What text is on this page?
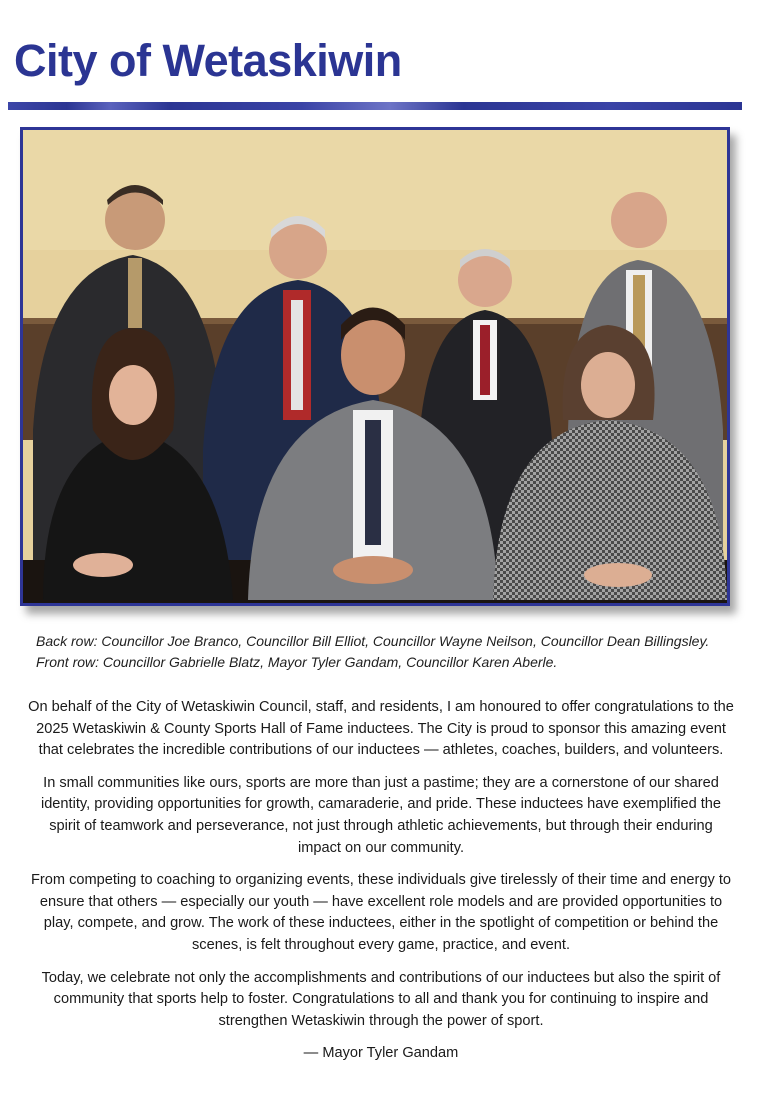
City of Wetaskiwin
Back row: Councillor Joe Branco, Councillor Bill Elliot, Councillor Wayne Neilson, Councillor Dean Billingsley. Front row: Councillor Gabrielle Blatz, Mayor Tyler Gandam, Councillor Karen Aberle.

On behalf of the City of Wetaskiwin Council, staff, and residents, I am honoured to offer congratulations to the 2025 Wetaskiwin & County Sports Hall of Fame inductees. The City is proud to sponsor this amazing event that celebrates the incredible contributions of our inductees — athletes, coaches, builders, and volunteers.

In small communities like ours, sports are more than just a pastime; they are a cornerstone of our shared identity, providing opportunities for growth, camaraderie, and pride. These inductees have exemplified the spirit of teamwork and perseverance, not just through athletic achievements, but through their enduring impact on our community.

From competing to coaching to organizing events, these individuals give tirelessly of their time and energy to ensure that others — especially our youth — have excellent role models and are provided opportunities to play, compete, and grow. The work of these inductees, either in the spotlight of competition or behind the scenes, is felt throughout every game, practice, and event.

Today, we celebrate not only the accomplishments and contributions of our inductees but also the spirit of community that sports help to foster. Congratulations to all and thank you for continuing to inspire and strengthen Wetaskiwin through the power of sport.

— Mayor Tyler Gandam
